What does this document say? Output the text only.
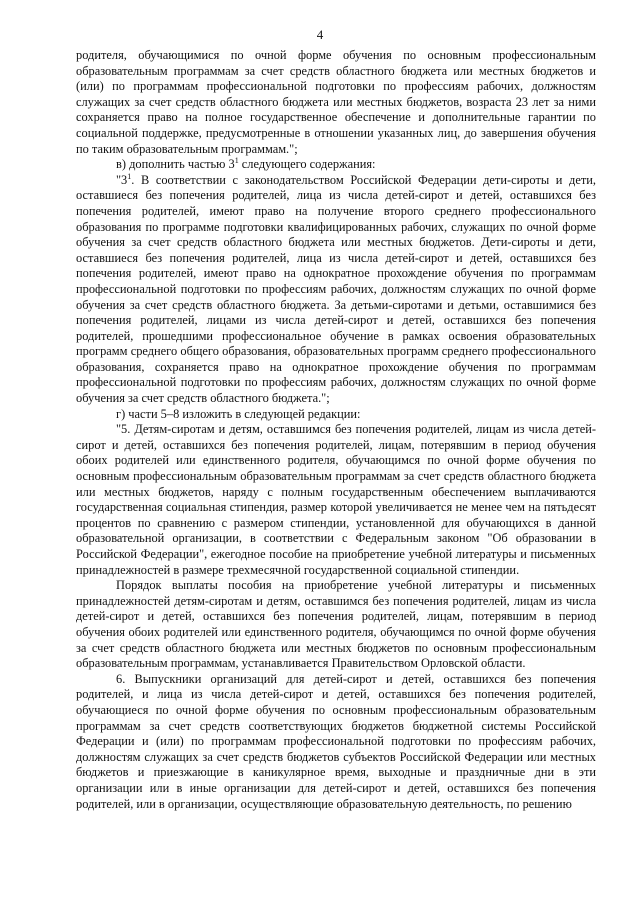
4

родителя, обучающимися по очной форме обучения по основным профессиональным образовательным программам за счет средств областного бюджета или местных бюджетов и (или) по программам профессиональной подготовки по профессиям рабочих, должностям служащих за счет средств областного бюджета или местных бюджетов, возраста 23 лет за ними сохраняется право на полное государственное обеспечение и дополнительные гарантии по социальной поддержке, предусмотренные в отношении указанных лиц, до завершения обучения по таким образовательным программам.";

в) дополнить частью $3^1$ следующего содержания:

"$3^1$. В соответствии с законодательством Российской Федерации дети-сироты и дети, оставшиеся без попечения родителей, лица из числа детей-сирот и детей, оставшихся без попечения родителей, имеют право на получение второго среднего профессионального образования по программе подготовки квалифицированных рабочих, служащих по очной форме обучения за счет средств областного бюджета или местных бюджетов. Дети-сироты и дети, оставшиеся без попечения родителей, лица из числа детей-сирот и детей, оставшихся без попечения родителей, имеют право на однократное прохождение обучения по программам профессиональной подготовки по профессиям рабочих, должностям служащих по очной форме обучения за счет средств областного бюджета. За детьми-сиротами и детьми, оставшимися без попечения родителей, лицами из числа детей-сирот и детей, оставшихся без попечения родителей, прошедшими профессиональное обучение в рамках освоения образовательных программ среднего общего образования, образовательных программ среднего профессионального образования, сохраняется право на однократное прохождение обучения по программам профессиональной подготовки по профессиям рабочих, должностям служащих по очной форме обучения за счет средств областного бюджета.";

г) части 5–8 изложить в следующей редакции:

"5. Детям-сиротам и детям, оставшимся без попечения родителей, лицам из числа детей-сирот и детей, оставшихся без попечения родителей, лицам, потерявшим в период обучения обоих родителей или единственного родителя, обучающимся по очной форме обучения по основным профессиональным образовательным программам за счет средств областного бюджета или местных бюджетов, наряду с полным государственным обеспечением выплачиваются государственная социальная стипендия, размер которой увеличивается не менее чем на пятьдесят процентов по сравнению с размером стипендии, установленной для обучающихся в данной образовательной организации, в соответствии с Федеральным законом "Об образовании в Российской Федерации", ежегодное пособие на приобретение учебной литературы и письменных принадлежностей в размере трехмесячной государственной социальной стипендии.

Порядок выплаты пособия на приобретение учебной литературы и письменных принадлежностей детям-сиротам и детям, оставшимся без попечения родителей, лицам из числа детей-сирот и детей, оставшихся без попечения родителей, лицам, потерявшим в период обучения обоих родителей или единственного родителя, обучающимся по очной форме обучения за счет средств областного бюджета или местных бюджетов по основным профессиональным образовательным программам, устанавливается Правительством Орловской области.

6. Выпускники организаций для детей-сирот и детей, оставшихся без попечения родителей, и лица из числа детей-сирот и детей, оставшихся без попечения родителей, обучающиеся по очной форме обучения по основным профессиональным образовательным программам за счет средств соответствующих бюджетов бюджетной системы Российской Федерации и (или) по программам профессиональной подготовки по профессиям рабочих, должностям служащих за счет средств бюджетов субъектов Российской Федерации или местных бюджетов и приезжающие в каникулярное время, выходные и праздничные дни в эти организации или в иные организации для детей-сирот и детей, оставшихся без попечения родителей, или в организации, осуществляющие образовательную деятельность, по решению
